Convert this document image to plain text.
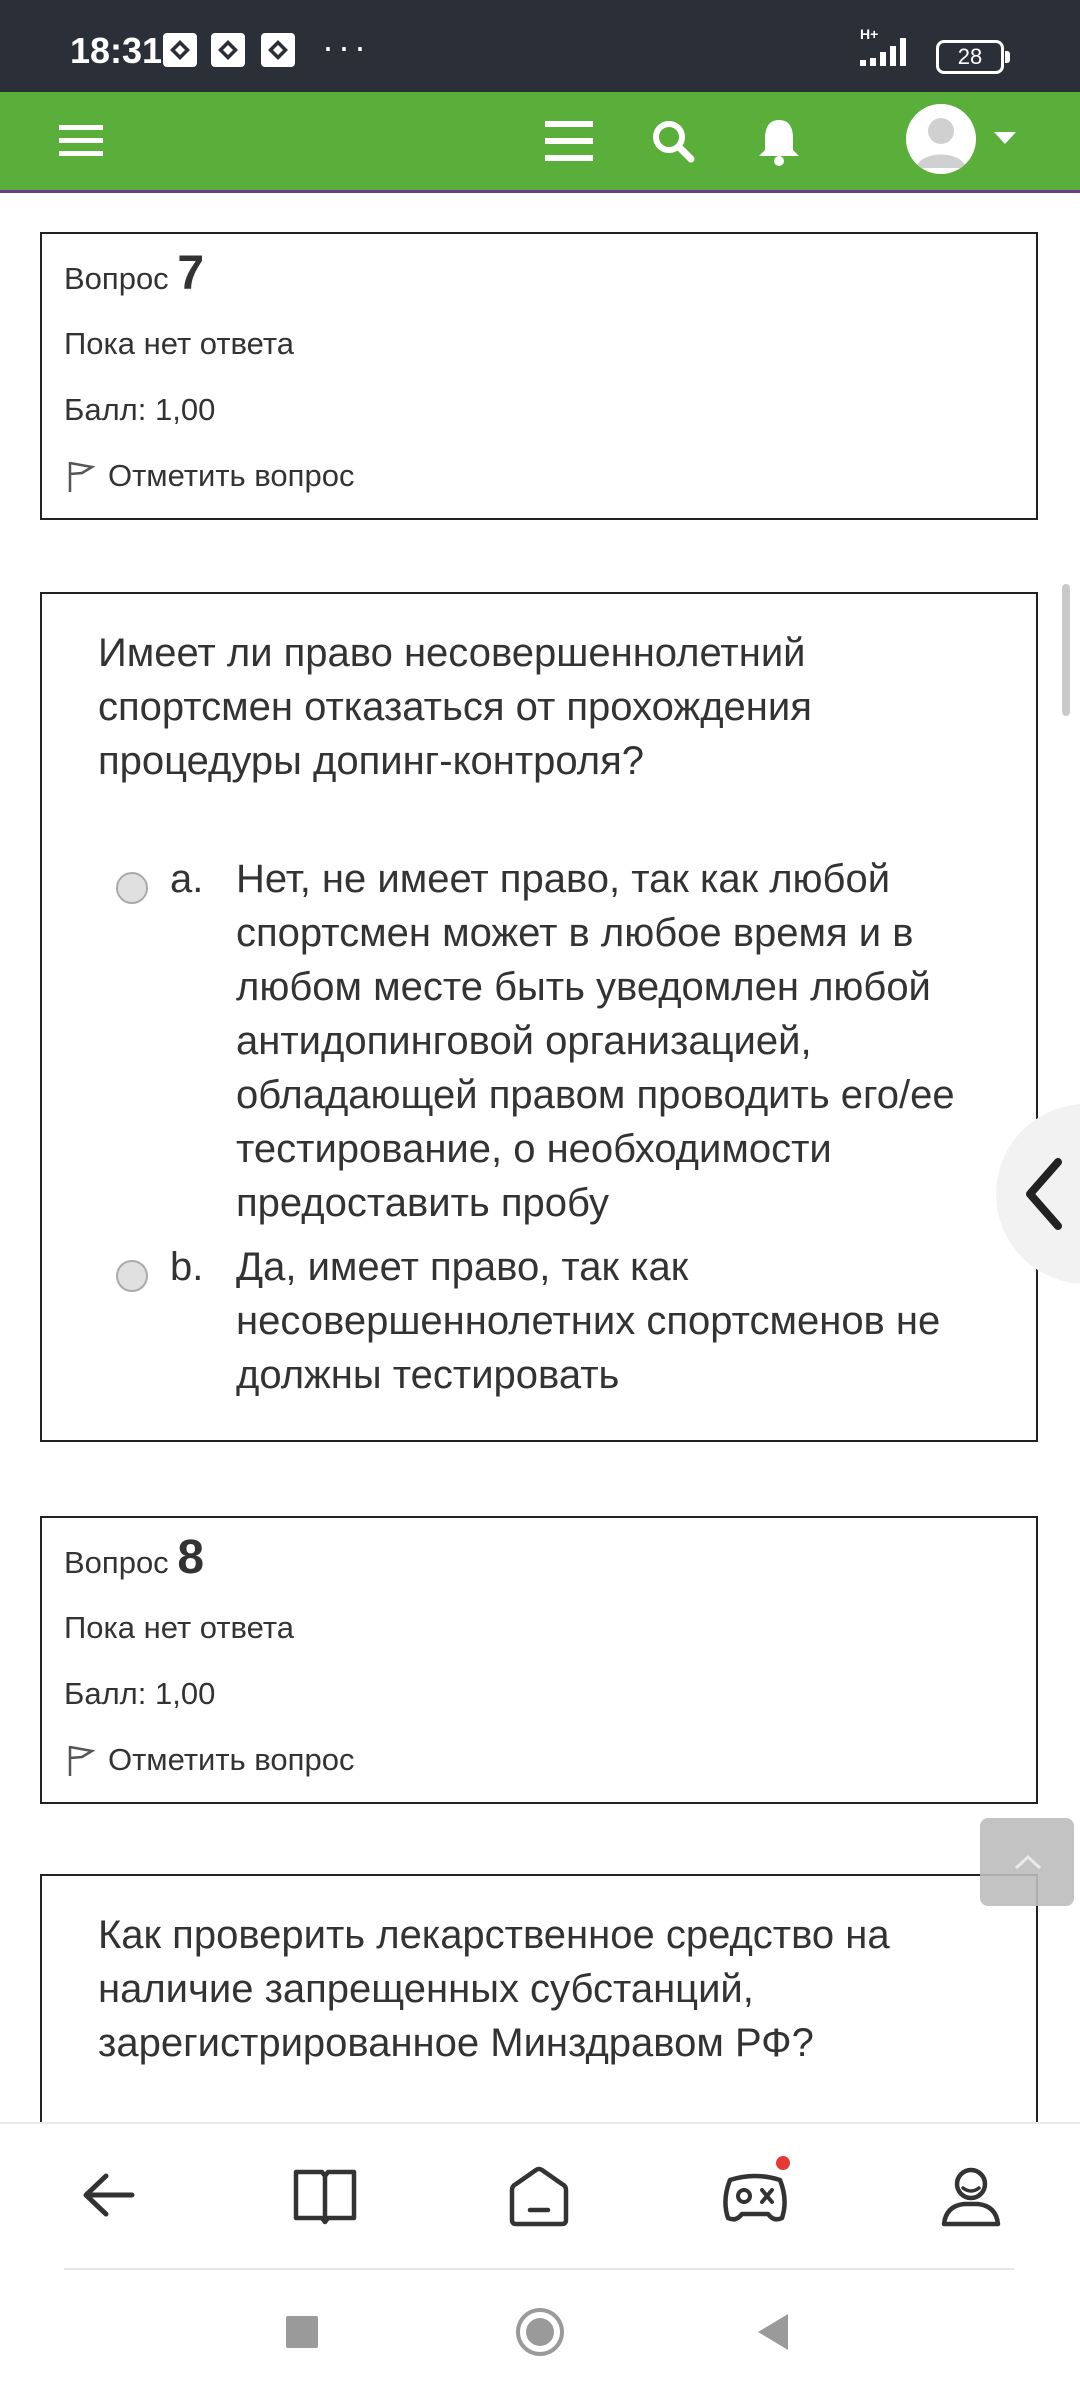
18:31	···	H+
28
Вопрос 7
Пока нет ответа
Балл: 1,00
Отметить вопрос
Имеет ли право несовершеннолетний
спортсмен отказаться от прохождения
процедуры допинг-контроля?
a. Нет, не имеет право, так как любой
спортсмен может в любое время и в
любом месте быть уведомлен любой
антидопинговой организацией,
обладающей правом проводить его/ее
тестирование, о необходимости
предоставить пробу
b. Да, имеет право, так как
несовершеннолетних спортсменов не
должны тестировать
Вопрос 8
Пока нет ответа
Балл: 1,00
Отметить вопрос
Как проверить лекарственное средство на
наличие запрещенных субстанций,
зарегистрированное Минздравом РФ?
